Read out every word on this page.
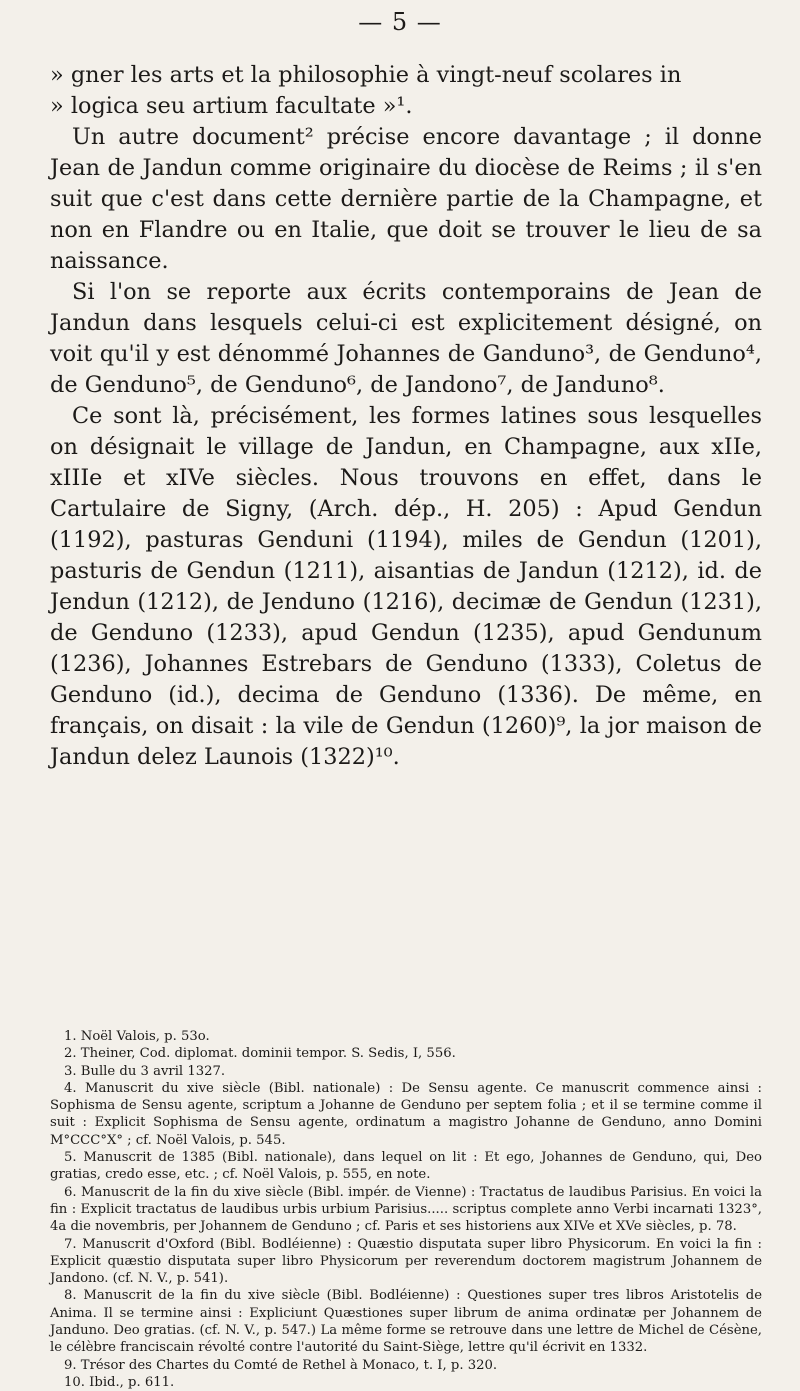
— 5 —

» gner les arts et la philosophie à vingt-neuf scolares in

» logica seu artium facultate »¹.

Un autre document² précise encore davantage ; il donne Jean de Jandun comme originaire du diocèse de Reims ; il s'en suit que c'est dans cette dernière partie de la Champagne, et non en Flandre ou en Italie, que doit se trouver le lieu de sa naissance.

Si l'on se reporte aux écrits contemporains de Jean de Jandun dans lesquels celui-ci est explicitement désigné, on voit qu'il y est dénommé Johannes de Ganduno³, de Genduno⁴, de Genduno⁵, de Genduno⁶, de Jandono⁷, de Janduno⁸.

Ce sont là, précisément, les formes latines sous lesquelles on désignait le village de Jandun, en Champagne, aux xIIe, xIIIe et xIVe siècles. Nous trouvons en effet, dans le Cartulaire de Signy, (Arch. dép., H. 205) : Apud Gendun (1192), pasturas Genduni (1194), miles de Gendun (1201), pasturis de Gendun (1211), aisantias de Jandun (1212), id. de Jendun (1212), de Jenduno (1216), decimæ de Gendun (1231), de Genduno (1233), apud Gendun (1235), apud Gendunum (1236), Johannes Estrebars de Genduno (1333), Coletus de Genduno (id.), decima de Genduno (1336). De même, en français, on disait : la vile de Gendun (1260)⁹, la jor maison de Jandun delez Launois (1322)¹⁰.

1. Noël Valois, p. 53o.

2. Theiner, Cod. diplomat. dominii tempor. S. Sedis, I, 556.

3. Bulle du 3 avril 1327.

4. Manuscrit du xive siècle (Bibl. nationale) : De Sensu agente. Ce manuscrit commence ainsi : Sophisma de Sensu agente, scriptum a Johanne de Genduno per septem folia ; et il se termine comme il suit : Explicit Sophisma de Sensu agente, ordinatum a magistro Johanne de Genduno, anno Domini M°CCC°X° ; cf. Noël Valois, p. 545.

5. Manuscrit de 1385 (Bibl. nationale), dans lequel on lit : Et ego, Johannes de Genduno, qui, Deo gratias, credo esse, etc. ; cf. Noël Valois, p. 555, en note.

6. Manuscrit de la fin du xive siècle (Bibl. impér. de Vienne) : Tractatus de laudibus Parisius. En voici la fin : Explicit tractatus de laudibus urbis urbium Parisius..... scriptus complete anno Verbi incarnati 1323°, 4a die novembris, per Johannem de Genduno ; cf. Paris et ses historiens aux XIVe et XVe siècles, p. 78.

7. Manuscrit d'Oxford (Bibl. Bodléienne) : Quæstio disputata super libro Physicorum. En voici la fin : Explicit quæstio disputata super libro Physicorum per reverendum doctorem magistrum Johannem de Jandono. (cf. N. V., p. 541).

8. Manuscrit de la fin du xive siècle (Bibl. Bodléienne) : Questiones super tres libros Aristotelis de Anima. Il se termine ainsi : Expliciunt Quæstiones super librum de anima ordinatæ per Johannem de Janduno. Deo gratias. (cf. N. V., p. 547.) La même forme se retrouve dans une lettre de Michel de Césène, le célèbre franciscain révolté contre l'autorité du Saint-Siège, lettre qu'il écrivit en 1332.

9. Trésor des Chartes du Comté de Rethel à Monaco, t. I, p. 320.

10. Ibid., p. 611.
